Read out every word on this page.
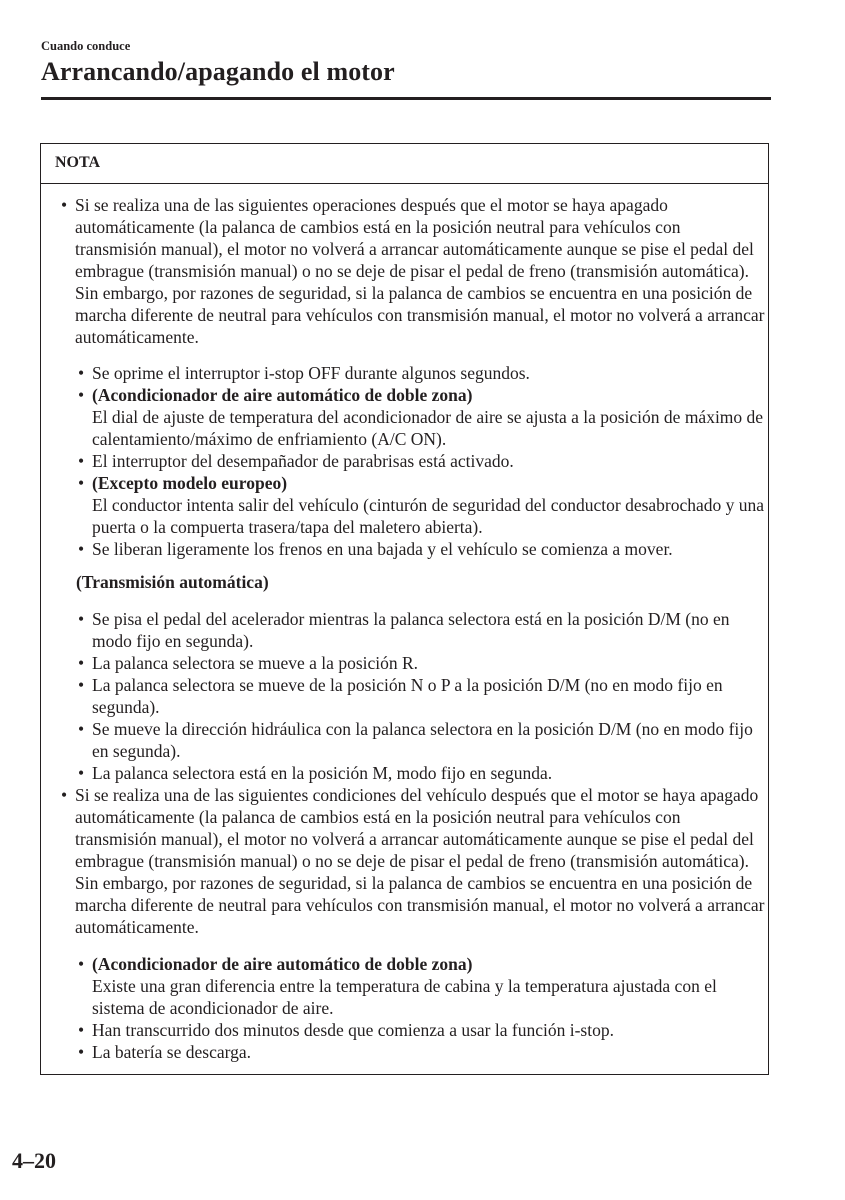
Cuando conduce
Arrancando/apagando el motor
NOTA

• Si se realiza una de las siguientes operaciones después que el motor se haya apagado automáticamente (la palanca de cambios está en la posición neutral para vehículos con transmisión manual), el motor no volverá a arrancar automáticamente aunque se pise el pedal del embrague (transmisión manual) o no se deje de pisar el pedal de freno (transmisión automática). Sin embargo, por razones de seguridad, si la palanca de cambios se encuentra en una posición de marcha diferente de neutral para vehículos con transmisión manual, el motor no volverá a arrancar automáticamente.

• Se oprime el interruptor i-stop OFF durante algunos segundos.

• (Acondicionador de aire automático de doble zona)
El dial de ajuste de temperatura del acondicionador de aire se ajusta a la posición de máximo de calentamiento/máximo de enfriamiento (A/C ON).

• El interruptor del desempañador de parabrisas está activado.

• (Excepto modelo europeo)
El conductor intenta salir del vehículo (cinturón de seguridad del conductor desabrochado y una puerta o la compuerta trasera/tapa del maletero abierta).

• Se liberan ligeramente los frenos en una bajada y el vehículo se comienza a mover.

(Transmisión automática)

• Se pisa el pedal del acelerador mientras la palanca selectora está en la posición D/M (no en modo fijo en segunda).

• La palanca selectora se mueve a la posición R.

• La palanca selectora se mueve de la posición N o P a la posición D/M (no en modo fijo en segunda).

• Se mueve la dirección hidráulica con la palanca selectora en la posición D/M (no en modo fijo en segunda).

• La palanca selectora está en la posición M, modo fijo en segunda.

• Si se realiza una de las siguientes condiciones del vehículo después que el motor se haya apagado automáticamente (la palanca de cambios está en la posición neutral para vehículos con transmisión manual), el motor no volverá a arrancar automáticamente aunque se pise el pedal del embrague (transmisión manual) o no se deje de pisar el pedal de freno (transmisión automática). Sin embargo, por razones de seguridad, si la palanca de cambios se encuentra en una posición de marcha diferente de neutral para vehículos con transmisión manual, el motor no volverá a arrancar automáticamente.

• (Acondicionador de aire automático de doble zona)
Existe una gran diferencia entre la temperatura de cabina y la temperatura ajustada con el sistema de acondicionador de aire.

• Han transcurrido dos minutos desde que comienza a usar la función i-stop.

• La batería se descarga.

4–20
